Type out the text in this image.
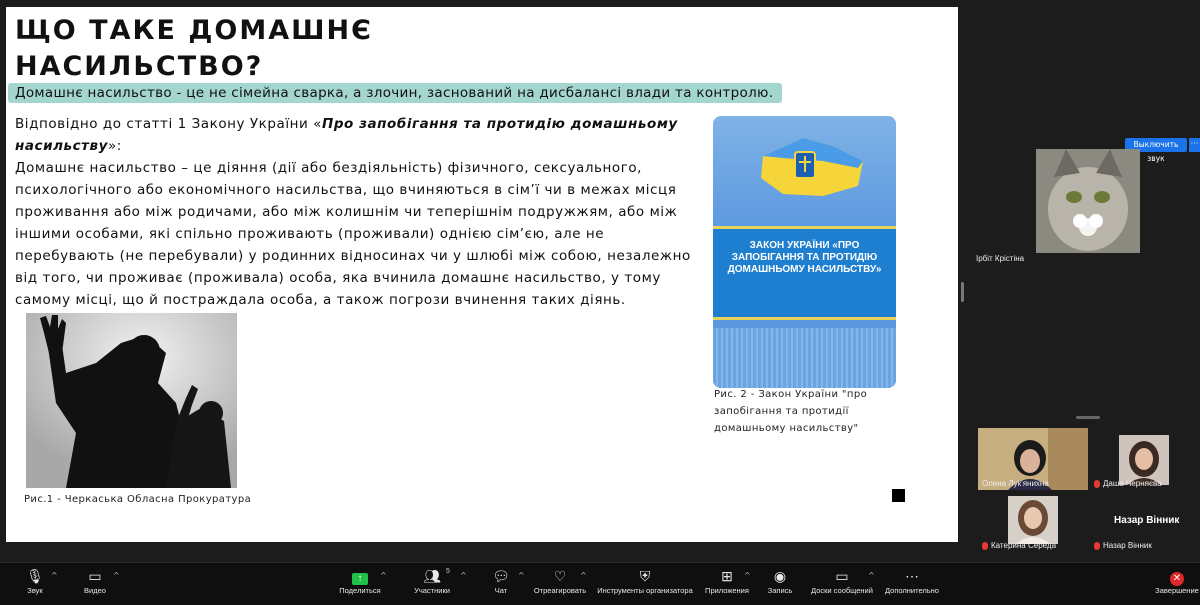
ЩО ТАКЕ ДОМАШНЄ НАСИЛЬСТВО?
Домашнє насильство - це не сімейна сварка, а злочин, заснований на дисбалансі влади та контролю.

Відповідно до статті 1 Закону України «Про запобігання та протидію домашньому насильству»:

Домашнє насильство – це діяння (дії або бездіяльність) фізичного, сексуального, психологічного або економічного насильства, що вчиняються в сім’ї чи в межах місця проживання або між родичами, або між колишнім чи теперішнім подружжям, або між іншими особами, які спільно проживають (проживали) однією сім’єю, але не перебувають (не перебували) у родинних відносинах чи у шлюбі між собою, незалежно від того, чи проживає (проживала) особа, яка вчинила домашнє насильство, у тому самому місці, що й постраждала особа, а також погрози вчинення таких діянь.

Рис.1 - Черкаська Обласна Прокуратура
ЗАКОН УКРАЇНИ «ПРО ЗАПОБІГАННЯ ТА ПРОТИДІЮ ДОМАШНЬОМУ НАСИЛЬСТВУ»
Рис. 2 - Закон України "про запобігання та протидії домашньому насильству"
Выключить звук
···
Ірбіт Крістіна
Олена Лук'янихна	Даша Черняєва
Катерина Середа
Назар Вінник
Назар Вінник
🎙︎
Звук
^	▭
Видео
^	↑
Поделиться
^	👥︎ 5
Участники
^ 💬︎
Чат
^	♡
Отреагировать
^	⛨
Инструменты организатора
⊞
Приложения
^	◉
Запись
▭
Доски сообщений
^	⋯
Дополнительно
✕
Завершение
